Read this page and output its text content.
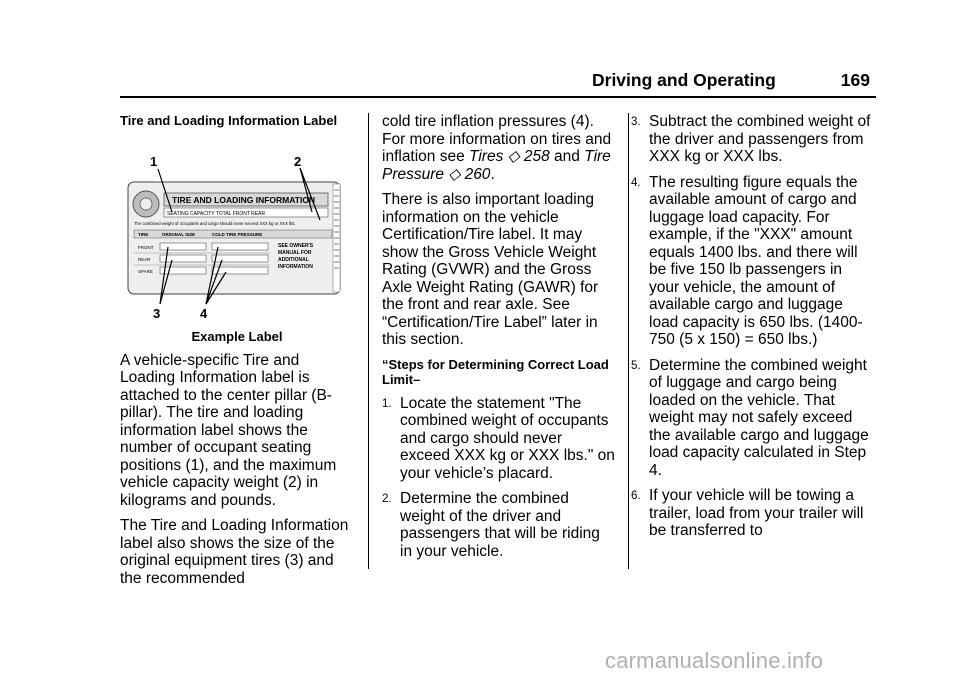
Driving and Operating	169
Tire and Loading Information Label
TIRE AND LOADING INFORMATION
SEATING CAPACITY TOTAL FRONT REAR
The combined weight of occupants and cargo should never exceed XXX kg or XXX lbs.
TIRE	ORIGINAL SIZE	COLD TIRE PRESSURE
FRONT
REAR
SPARE
SEE OWNER'S
MANUAL FOR
ADDITIONAL
INFORMATION
1	2
3	4
Example Label

A vehicle-specific Tire and Loading Information label is attached to the center pillar (B-pillar). The tire and loading information label shows the number of occupant seating positions (1), and the maximum vehicle capacity weight (2) in kilograms and pounds.

The Tire and Loading Information label also shows the size of the original equipment tires (3) and the recommended

cold tire inflation pressures (4). For more information on tires and inflation see Tires ◇ 258 and Tire Pressure ◇ 260.

There is also important loading information on the vehicle Certification/Tire label. It may show the Gross Vehicle Weight Rating (GVWR) and the Gross Axle Weight Rating (GAWR) for the front and rear axle. See “Certification/Tire Label” later in this section.

“Steps for Determining Correct Load Limit–
1. Locate the statement "The combined weight of occupants and cargo should never exceed XXX kg or XXX lbs." on your vehicle’s placard.
2. Determine the combined weight of the driver and passengers that will be riding in your vehicle.
3. Subtract the combined weight of the driver and passengers from XXX kg or XXX lbs.
4. The resulting figure equals the available amount of cargo and luggage load capacity. For example, if the "XXX" amount equals 1400 lbs. and there will be five 150 lb passengers in your vehicle, the amount of available cargo and luggage load capacity is 650 lbs. (1400-750 (5 x 150) = 650 lbs.)
5. Determine the combined weight of luggage and cargo being loaded on the vehicle. That weight may not safely exceed the available cargo and luggage load capacity calculated in Step 4.
6. If your vehicle will be towing a trailer, load from your trailer will be transferred to
carmanualsonline.info
